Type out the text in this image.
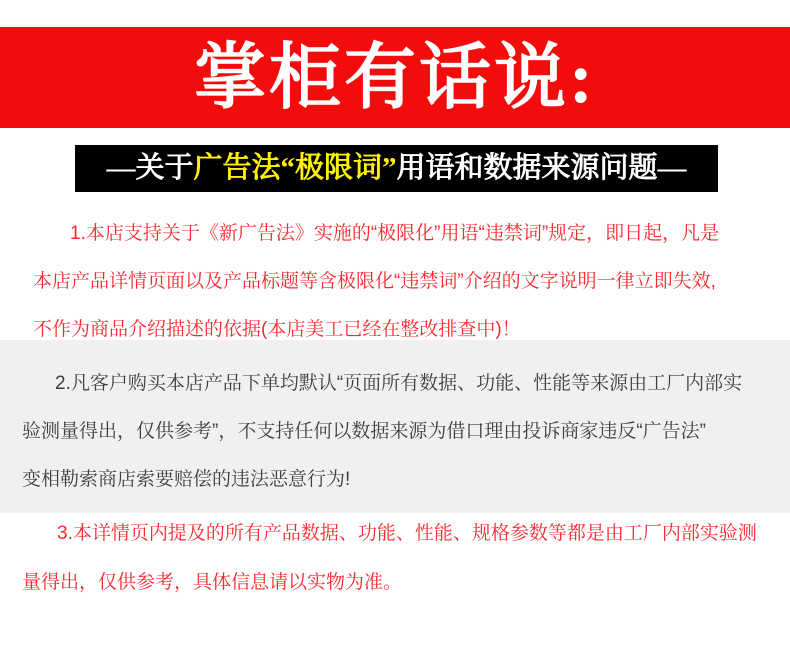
掌柜有话说:
—关于广告法“极限词”用语和数据来源问题—
1.本店支持关于《新广告法》实施的“极限化”用语“违禁词”规定，即日起，凡是
本店产品详情页面以及产品标题等含极限化“违禁词”介绍的文字说明一律立即失效,
不作为商品介绍描述的依据(本店美工已经在整改排查中)！
2.凡客户购买本店产品下单均默认“页面所有数据、功能、性能等来源由工厂内部实
验测量得出，仅供参考”，不支持任何以数据来源为借口理由投诉商家违反“广告法”
变相勒索商店索要赔偿的违法恶意行为!
3.本详情页内提及的所有产品数据、功能、性能、规格参数等都是由工厂内部实验测
量得出，仅供参考，具体信息请以实物为准。
